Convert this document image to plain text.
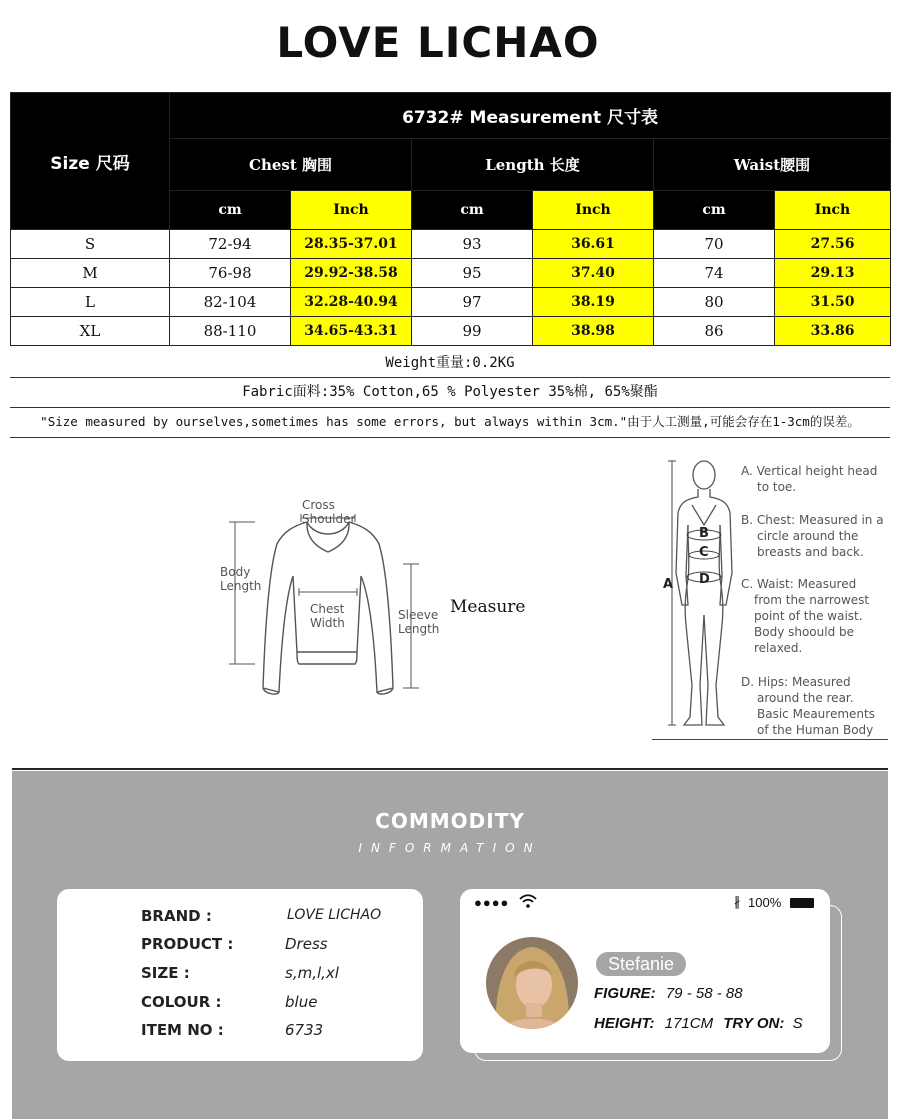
LOVE LICHAO
Size 尺码	6732# Measurement 尺寸表					
	Chest 胸围		Length 长度		Waist腰围	
	cm	Inch	cm	Inch	cm	Inch
S	72-94	28.35-37.01	93	36.61	70	27.56
M	76-98	29.92-38.58	95	37.40	74	29.13
L	82-104	32.28-40.94	97	38.19	80	31.50
XL	88-110	34.65-43.31	99	38.98	86	33.86
Weight重量:0.2KG
Fabric面料:35% Cotton,65 % Polyester 35%棉, 65%聚酯
"Size measured by ourselves,sometimes has some errors, but always within 3cm."由于人工测量,可能会存在1-3cm的误差。
Cross
Shoulder
Body
Length
Chest
Width
Sleeve
Length
Measure
A
B
C
D
A. Vertical height head
to toe.
B. Chest: Measured in a
circle around the
breasts and back.
C. Waist: Measured
from the narrowest
point of the waist.
Body shoould be
relaxed.
D. Hips: Measured
around the rear.
Basic Meaurements
of the Human Body
COMMODITY
INFORMATION
BRAND :	LOVE LICHAO
PRODUCT :	Dress
SIZE :	s,m,l,xl
COLOUR :	blue
ITEM NO :	6733
●●●●	∦ 100%
Stefanie
FIGURE: 79 - 58 - 88
HEIGHT: 171CM TRY ON: S
